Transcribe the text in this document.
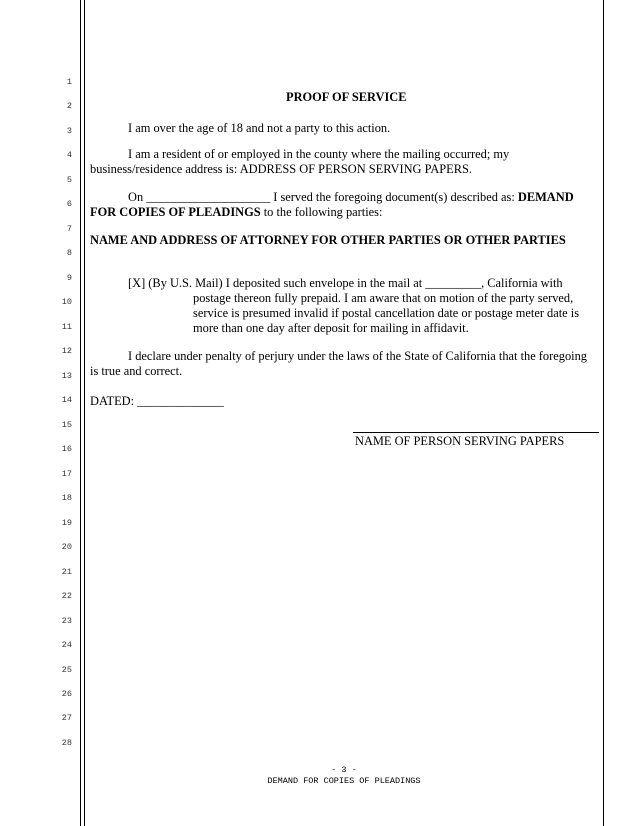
1
2
3
4
5
6
7
8
9
10
11
12
13
14
15
16
17
18
19
20
21
22
23
24
25
26
27
28
PROOF OF SERVICE
I am over the age of 18 and not a party to this action.
I am a resident of or employed in the county where the mailing occurred; my
business/residence address is: ADDRESS OF PERSON SERVING PAPERS.
On ____________________ I served the foregoing document(s) described as: DEMAND
FOR COPIES OF PLEADINGS to the following parties:
NAME AND ADDRESS OF ATTORNEY FOR OTHER PARTIES OR OTHER PARTIES
[X] (By U.S. Mail) I deposited such envelope in the mail at _________, California with
postage thereon fully prepaid. I am aware that on motion of the party served,
service is presumed invalid if postal cancellation date or postage meter date is
more than one day after deposit for mailing in affidavit.
I declare under penalty of perjury under the laws of the State of California that the foregoing
is true and correct.
DATED: ______________
NAME OF PERSON SERVING PAPERS
- 3 -
DEMAND FOR COPIES OF PLEADINGS
